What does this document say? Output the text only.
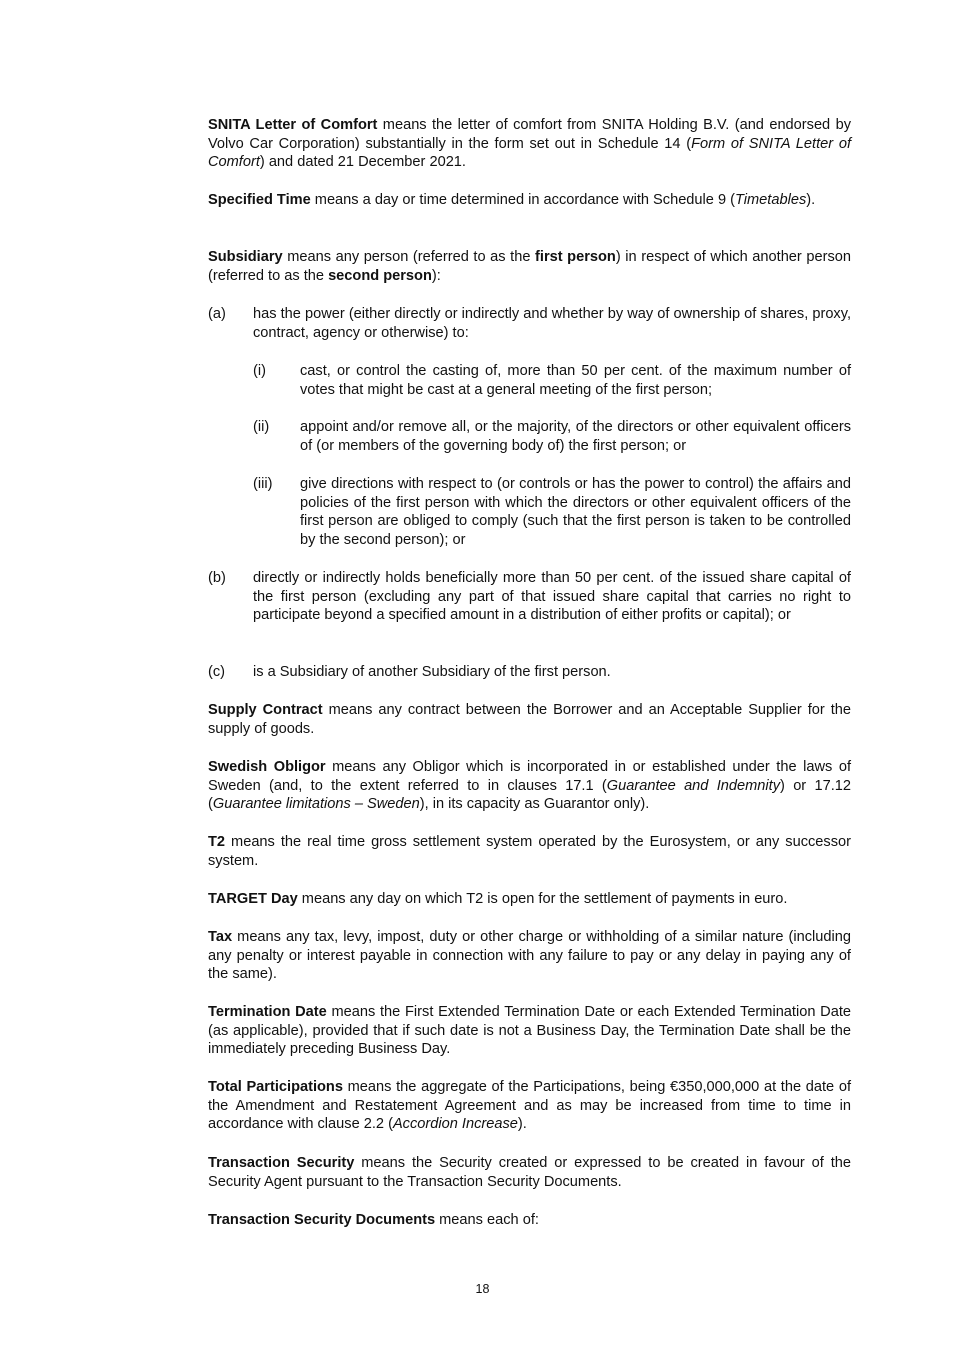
SNITA Letter of Comfort means the letter of comfort from SNITA Holding B.V. (and endorsed by Volvo Car Corporation) substantially in the form set out in Schedule 14 (Form of SNITA Letter of Comfort) and dated 21 December 2021.

Specified Time means a day or time determined in accordance with Schedule 9 (Timetables).

Subsidiary means any person (referred to as the first person) in respect of which another person (referred to as the second person):

(a) has the power (either directly or indirectly and whether by way of ownership of shares, proxy, contract, agency or otherwise) to:

(i) cast, or control the casting of, more than 50 per cent. of the maximum number of votes that might be cast at a general meeting of the first person;

(ii) appoint and/or remove all, or the majority, of the directors or other equivalent officers of (or members of the governing body of) the first person; or

(iii) give directions with respect to (or controls or has the power to control) the affairs and policies of the first person with which the directors or other equivalent officers of the first person are obliged to comply (such that the first person is taken to be controlled by the second person); or

(b) directly or indirectly holds beneficially more than 50 per cent. of the issued share capital of the first person (excluding any part of that issued share capital that carries no right to participate beyond a specified amount in a distribution of either profits or capital); or

(c) is a Subsidiary of another Subsidiary of the first person.

Supply Contract means any contract between the Borrower and an Acceptable Supplier for the supply of goods.

Swedish Obligor means any Obligor which is incorporated in or established under the laws of Sweden (and, to the extent referred to in clauses 17.1 (Guarantee and Indemnity) or 17.12 (Guarantee limitations – Sweden), in its capacity as Guarantor only).

T2 means the real time gross settlement system operated by the Eurosystem, or any successor system.

TARGET Day means any day on which T2 is open for the settlement of payments in euro.

Tax means any tax, levy, impost, duty or other charge or withholding of a similar nature (including any penalty or interest payable in connection with any failure to pay or any delay in paying any of the same).

Termination Date means the First Extended Termination Date or each Extended Termination Date (as applicable), provided that if such date is not a Business Day, the Termination Date shall be the immediately preceding Business Day.

Total Participations means the aggregate of the Participations, being €350,000,000 at the date of the Amendment and Restatement Agreement and as may be increased from time to time in accordance with clause 2.2 (Accordion Increase).

Transaction Security means the Security created or expressed to be created in favour of the Security Agent pursuant to the Transaction Security Documents.

Transaction Security Documents means each of:

18
